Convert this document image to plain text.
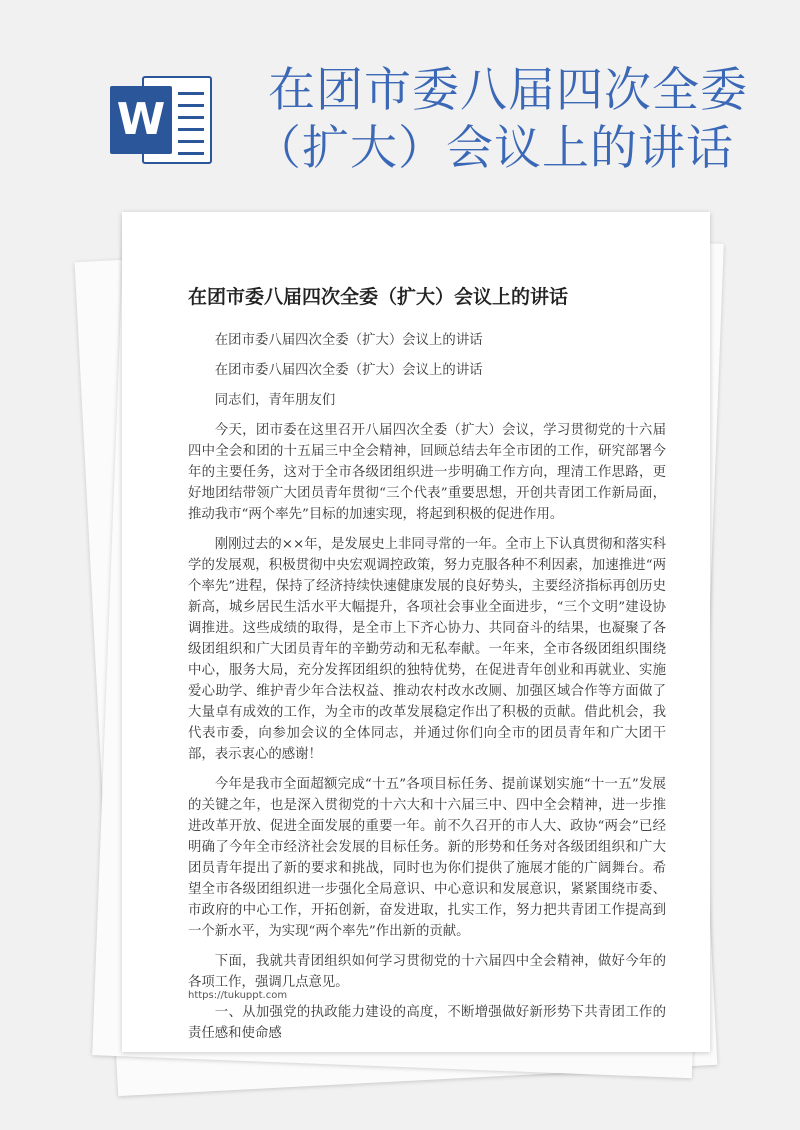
W
在团市委八届四次全委
（扩大）会议上的讲话
在团市委八届四次全委（扩大）会议上的讲话

在团市委八届四次全委（扩大）会议上的讲话

在团市委八届四次全委（扩大）会议上的讲话

同志们，青年朋友们

今天，团市委在这里召开八届四次全委（扩大）会议，学习贯彻党的十六届四中全会和团的十五届三中全会精神，回顾总结去年全市团的工作，研究部署今年的主要任务，这对于全市各级团组织进一步明确工作方向，理清工作思路，更好地团结带领广大团员青年贯彻“三个代表”重要思想，开创共青团工作新局面，推动我市“两个率先”目标的加速实现，将起到积极的促进作用。

刚刚过去的××年，是发展史上非同寻常的一年。全市上下认真贯彻和落实科学的发展观，积极贯彻中央宏观调控政策，努力克服各种不利因素，加速推进“两个率先”进程，保持了经济持续快速健康发展的良好势头，主要经济指标再创历史新高，城乡居民生活水平大幅提升，各项社会事业全面进步，“三个文明”建设协调推进。这些成绩的取得，是全市上下齐心协力、共同奋斗的结果，也凝聚了各级团组织和广大团员青年的辛勤劳动和无私奉献。一年来，全市各级团组织围绕中心，服务大局，充分发挥团组织的独特优势，在促进青年创业和再就业、实施爱心助学、维护青少年合法权益、推动农村改水改厕、加强区域合作等方面做了大量卓有成效的工作，为全市的改革发展稳定作出了积极的贡献。借此机会，我代表市委，向参加会议的全体同志，并通过你们向全市的团员青年和广大团干部，表示衷心的感谢！

今年是我市全面超额完成“十五”各项目标任务、提前谋划实施“十一五”发展的关键之年，也是深入贯彻党的十六大和十六届三中、四中全会精神，进一步推进改革开放、促进全面发展的重要一年。前不久召开的市人大、政协“两会”已经明确了今年全市经济社会发展的目标任务。新的形势和任务对各级团组织和广大团员青年提出了新的要求和挑战，同时也为你们提供了施展才能的广阔舞台。希望全市各级团组织进一步强化全局意识、中心意识和发展意识，紧紧围绕市委、市政府的中心工作，开拓创新，奋发进取，扎实工作，努力把共青团工作提高到一个新水平，为实现“两个率先”作出新的贡献。

下面，我就共青团组织如何学习贯彻党的十六届四中全会精神，做好今年的各项工作，强调几点意见。

一、从加强党的执政能力建设的高度，不断增强做好新形势下共青团工作的责任感和使命感

https://tukuppt.com
